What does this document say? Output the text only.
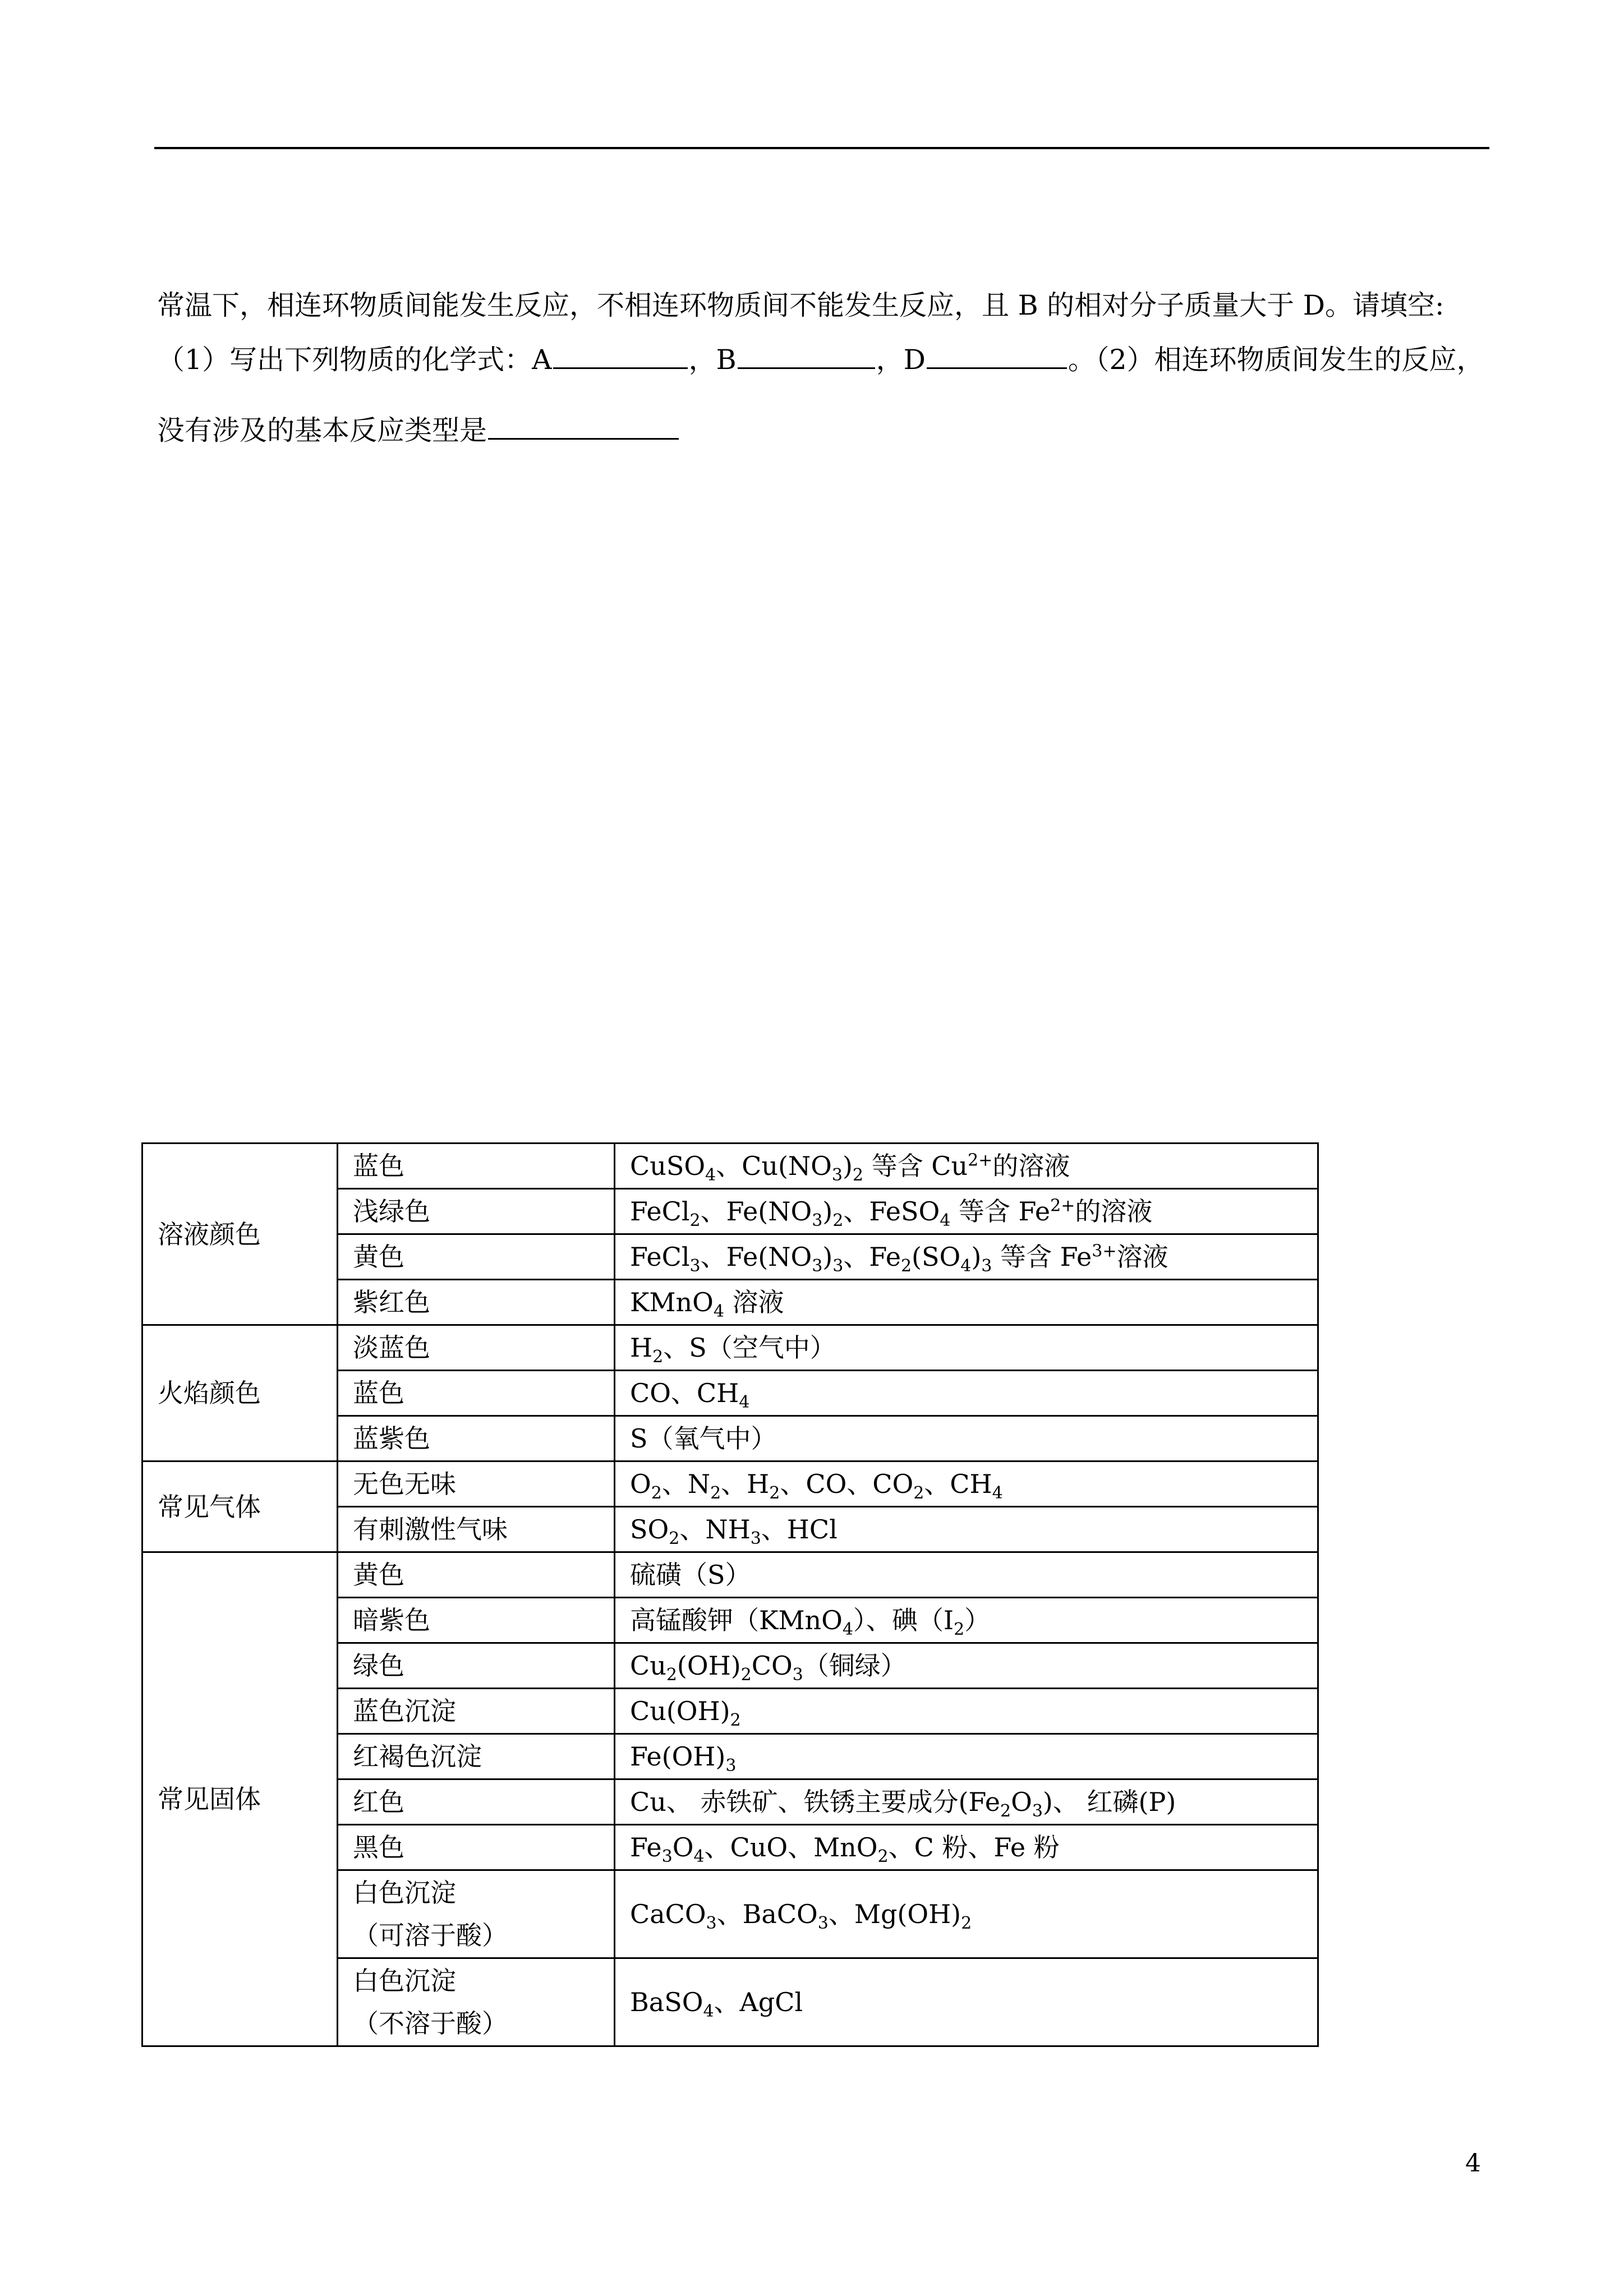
常温下，相连环物质间能发生反应，不相连环物质间不能发生反应，且 B 的相对分子质量大于 D。请填空:
（1）写出下列物质的化学式：A	，B	，D	。（2）相连环物质间发生的反应，
没有涉及的基本反应类型是
溶液颜色	蓝色	CuSO$_4$、$Cu(NO_3)_2$ 等含 $Cu^{2+}$的溶液
	浅绿色	FeCl$_2$、$Fe(NO_3)_2$、FeSO$_4$ 等含 $Fe^{2+}$的溶液
	黄色	FeCl$_3$、$Fe(NO_3)_3$、$Fe_2(SO_4)_3$ 等含 $Fe^{3+}$溶液
	紫红色	KMnO$_4$ 溶液
火焰颜色	淡蓝色	$H_2$、S（空气中）
	蓝色	CO、$CH_4$
	蓝紫色	S（氧气中）
常见气体	无色无味	$O_2$、$N_2$、$H_2$、CO、$CO_2$、$CH_4$
	有刺激性气味	$SO_2$、$NH_3$、HCl
常见固体	黄色	硫磺（S）
	暗紫色	高锰酸钾（KMnO$_4$）、碘$(I_2)$
	绿色	$Cu_2(OH)_2CO_3$（铜绿）
	蓝色沉淀	$Cu(OH)_2$
	红褐色沉淀	$Fe(OH)_3$
	红色	Cu、 赤铁矿、铁锈主要成分$(Fe_2O_3)$、 红磷(P)
	黑色	$Fe_3O_4$、CuO、MnO$_2$、C 粉、Fe 粉

	白色沉淀
（可溶于酸）	CaCO$_3$、BaCO$_3$、$Mg(OH)_2$

	白色沉淀
（不溶于酸）	BaSO$_4$、AgCl
4
